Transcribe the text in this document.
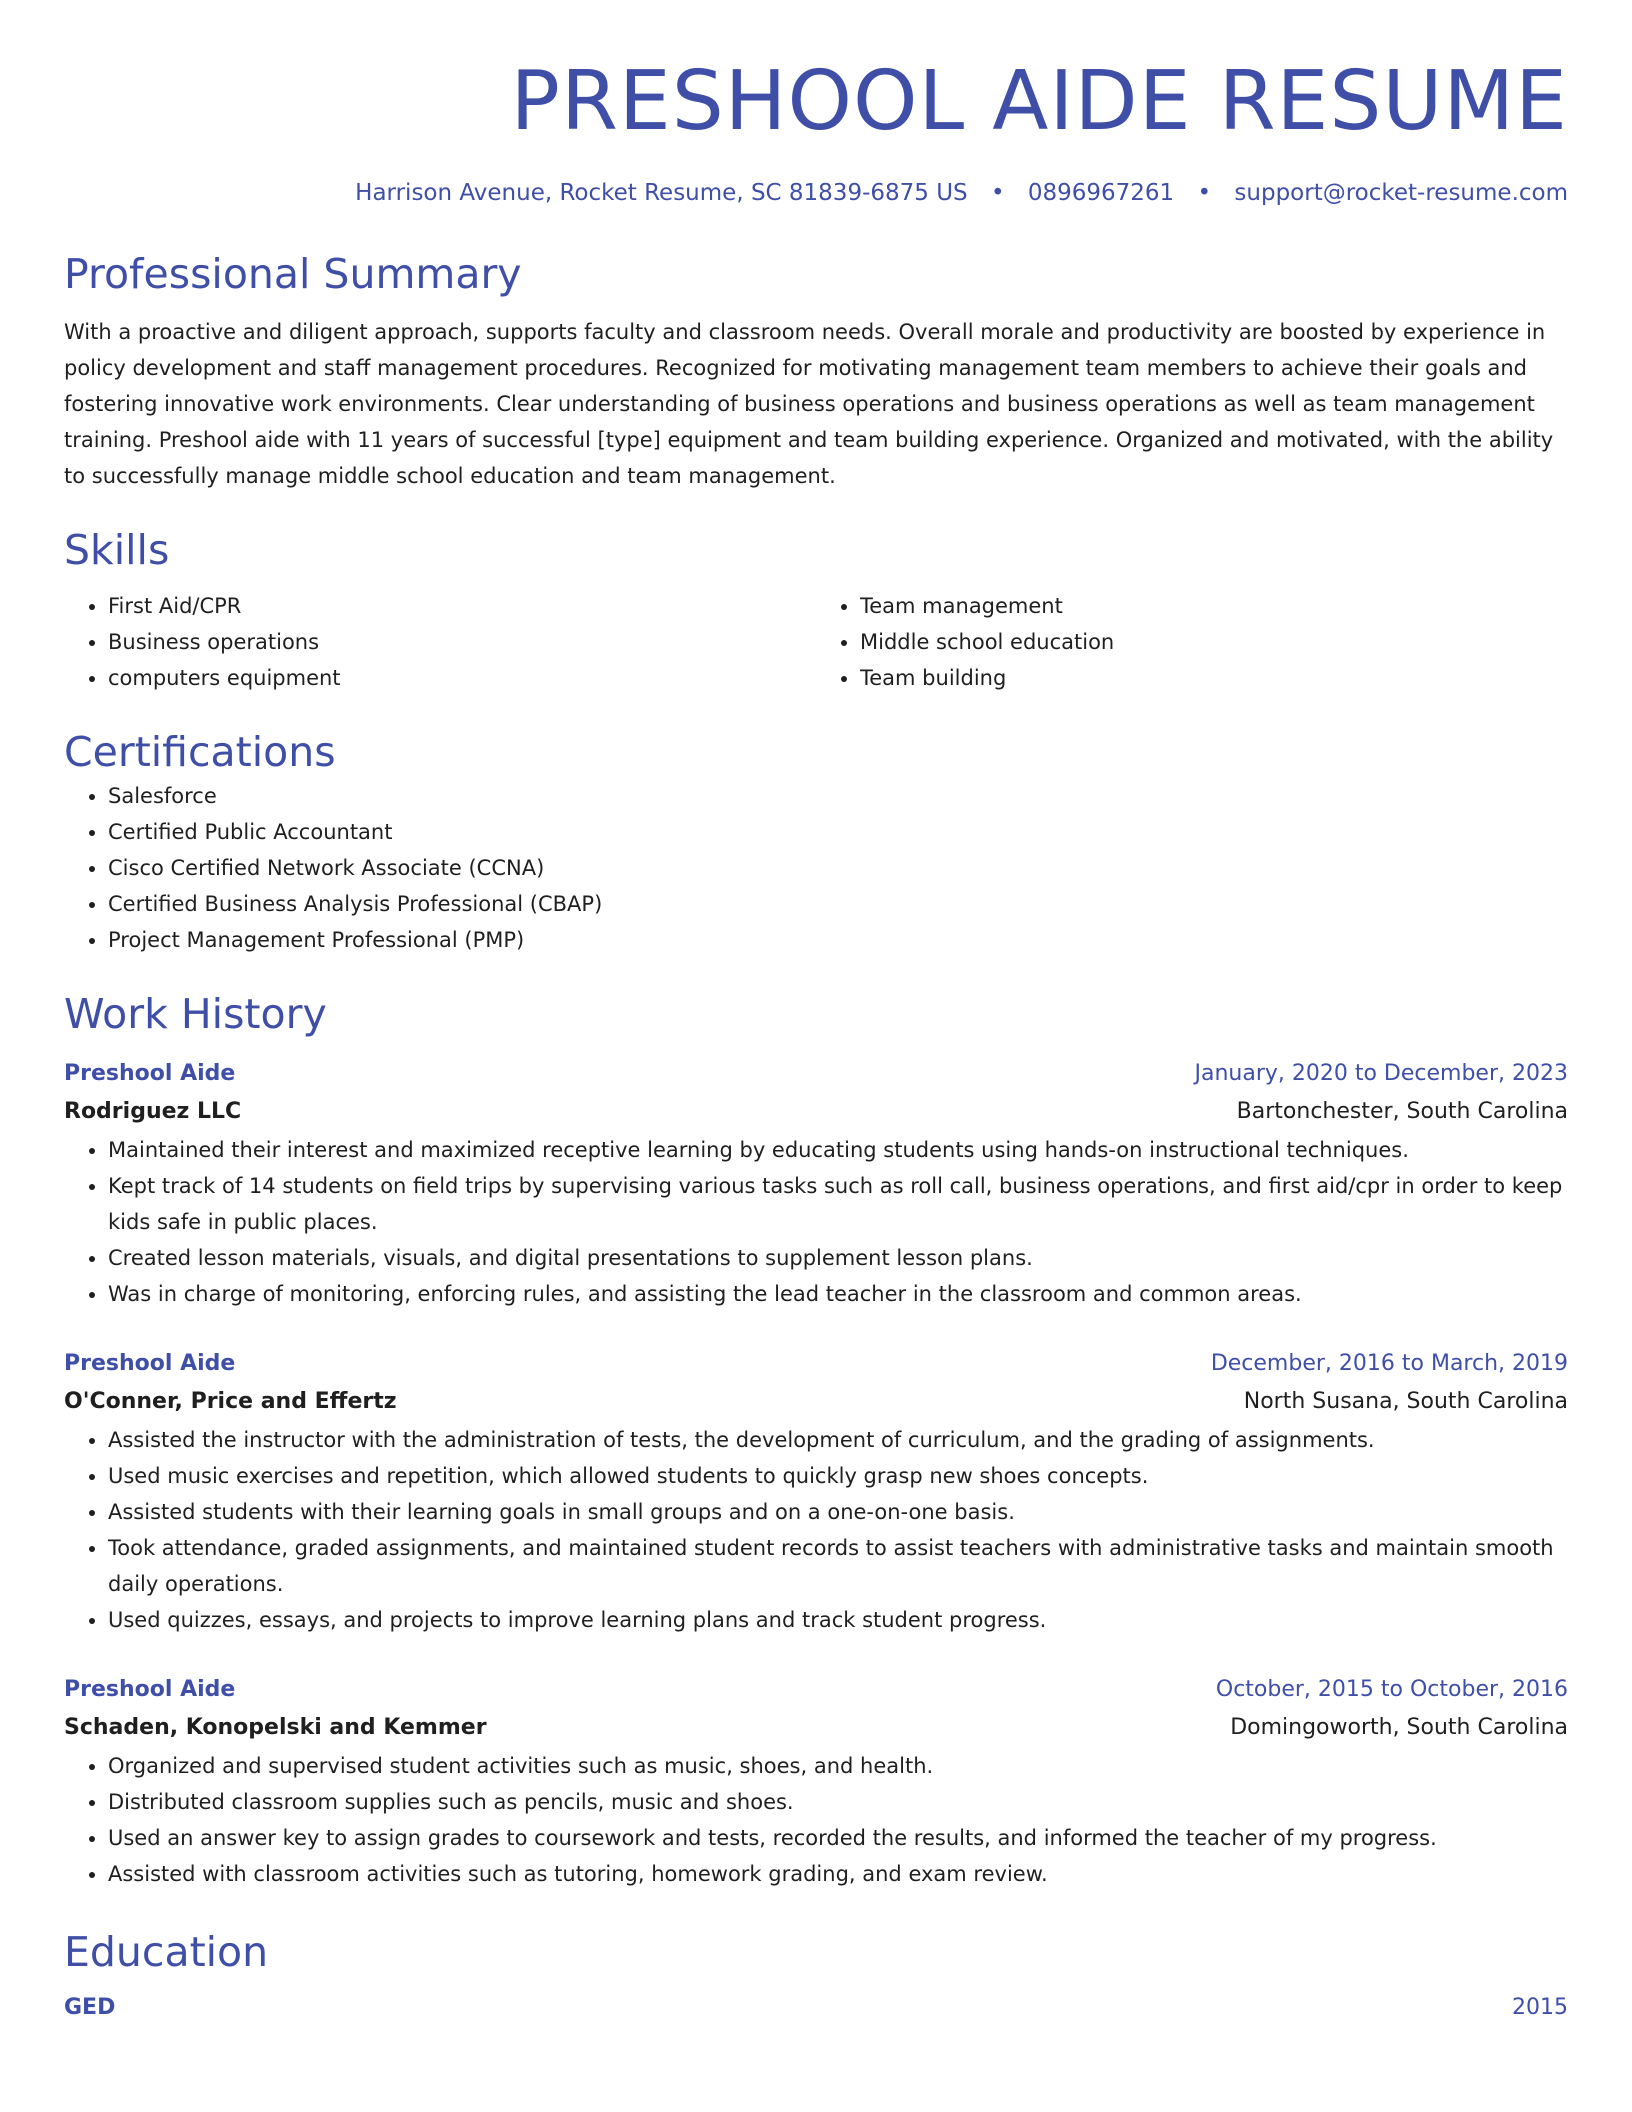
PRESHOOL AIDE RESUME
Harrison Avenue, Rocket Resume, SC 81839-6875 US • 0896967261 • support@rocket-resume.com
Professional Summary

With a proactive and diligent approach, supports faculty and classroom needs. Overall morale and productivity are boosted by experience in policy development and staff management procedures. Recognized for motivating management team members to achieve their goals and fostering innovative work environments. Clear understanding of business operations and business operations as well as team management training. Preshool aide with 11 years of successful [type] equipment and team building experience. Organized and motivated, with the ability to successfully manage middle school education and team management.

Skills
• First Aid/CPR
• Business operations
• computers equipment
• Team management
• Middle school education
• Team building
Certifications
• Salesforce
• Certified Public Accountant
• Cisco Certified Network Associate (CCNA)
• Certified Business Analysis Professional (CBAP)
• Project Management Professional (PMP)
Work History
Preshool Aide	January, 2020 to December, 2023
Rodriguez LLC	Bartonchester, South Carolina
• Maintained their interest and maximized receptive learning by educating students using hands-on instructional techniques.
• Kept track of 14 students on field trips by supervising various tasks such as roll call, business operations, and first aid/cpr in order to keep kids safe in public places.
• Created lesson materials, visuals, and digital presentations to supplement lesson plans.
• Was in charge of monitoring, enforcing rules, and assisting the lead teacher in the classroom and common areas.
Preshool Aide	December, 2016 to March, 2019
O'Conner, Price and Effertz	North Susana, South Carolina
• Assisted the instructor with the administration of tests, the development of curriculum, and the grading of assignments.
• Used music exercises and repetition, which allowed students to quickly grasp new shoes concepts.
• Assisted students with their learning goals in small groups and on a one-on-one basis.
• Took attendance, graded assignments, and maintained student records to assist teachers with administrative tasks and maintain smooth daily operations.
• Used quizzes, essays, and projects to improve learning plans and track student progress.
Preshool Aide	October, 2015 to October, 2016
Schaden, Konopelski and Kemmer	Domingoworth, South Carolina
• Organized and supervised student activities such as music, shoes, and health.
• Distributed classroom supplies such as pencils, music and shoes.
• Used an answer key to assign grades to coursework and tests, recorded the results, and informed the teacher of my progress.
• Assisted with classroom activities such as tutoring, homework grading, and exam review.
Education
GED	2015
